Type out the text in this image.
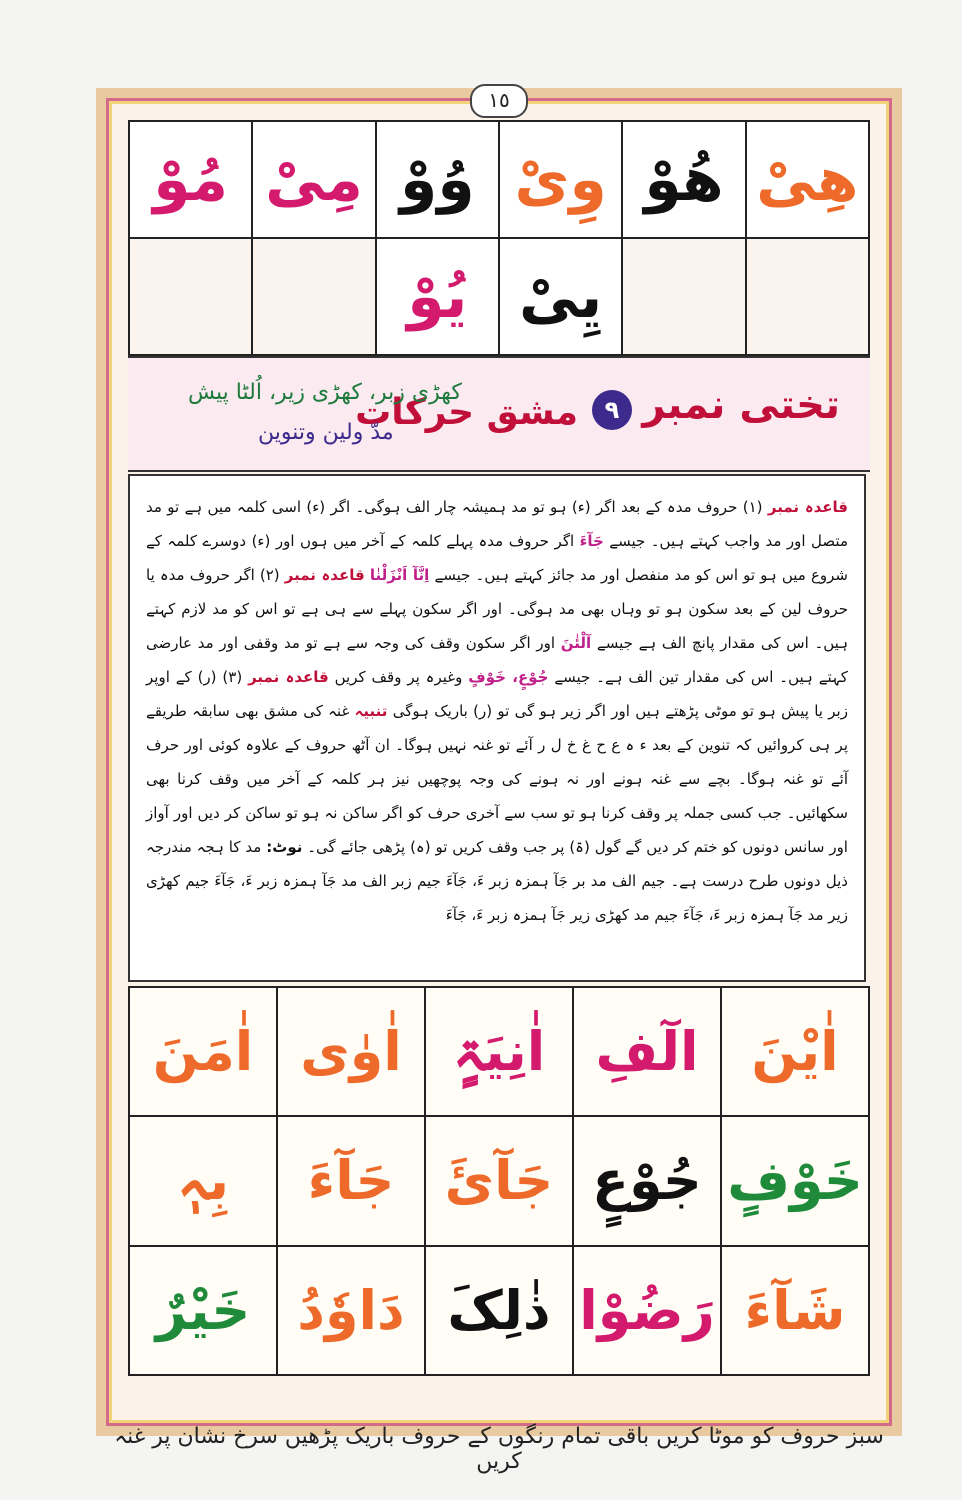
١٥
مُوْ مِیْ وُوْ وِیْ هُوْ هِیْ
یُوْ یِیْ
تختی نمبر
۹
مشق حرکات
کھڑی زبر، کھڑی زیر، اُلٹا پیش
مدّ ولین وتنوین
قاعدہ نمبر (۱) حروف مدہ کے بعد اگر (ء) ہو تو مد ہمیشہ چار الف ہوگی۔ اگر (ء) اسی کلمہ میں ہے تو مد متصل اور مد واجب کہتے ہیں۔ جیسے جَآءَ اگر حروف مدہ پہلے کلمہ کے آخر میں ہوں اور (ء) دوسرے کلمہ کے شروع میں ہو تو اس کو مد منفصل اور مد جائز کہتے ہیں۔ جیسے اِنَّآ اَنْزَلْنٰا قاعدہ نمبر (۲) اگر حروف مدہ یا حروف لین کے بعد سکون ہو تو وہاں بھی مد ہوگی۔ اور اگر سکون پہلے سے ہی ہے تو اس کو مد لازم کہتے ہیں۔ اس کی مقدار پانچ الف ہے جیسے آلْئٰنَ اور اگر سکون وقف کی وجہ سے ہے تو مد وقفی اور مد عارضی کہتے ہیں۔ اس کی مقدار تین الف ہے۔ جیسے جُوْعٍ، خَوْفٍ وغیرہ پر وقف کریں قاعدہ نمبر (۳) (ر) کے اوپر زبر یا پیش ہو تو موٹی پڑھتے ہیں اور اگر زیر ہو گی تو (ر) باریک ہوگی تنبیہ غنہ کی مشق بھی سابقہ طریقے پر ہی کروائیں کہ تنوین کے بعد ء ہ ع ح غ خ ل ر آئے تو غنہ نہیں ہوگا۔ ان آٹھ حروف کے علاوہ کوئی اور حرف آئے تو غنہ ہوگا۔ بچے سے غنہ ہونے اور نہ ہونے کی وجہ پوچھیں نیز ہر کلمہ کے آخر میں وقف کرنا بھی سکھائیں۔ جب کسی جملہ پر وقف کرنا ہو تو سب سے آخری حرف کو اگر ساکن نہ ہو تو ساکن کر دیں اور آواز اور سانس دونوں کو ختم کر دیں گے گول (ۃ) پر جب وقف کریں تو (ہ) پڑھی جائے گی۔ نوٹ: مد کا ہجہ مندرجہ ذیل دونوں طرح درست ہے۔ جیم الف مد بر جَآ ہمزہ زبر ءَ، جَآءَ جیم زبر الف مد جَآ ہمزہ زبر ءَ، جَآءَ جیم کھڑی زیر مد جَآ ہمزہ زبر ءَ، جَآءَ جیم مد کھڑی زیر جَآ ہمزہ زبر ءَ، جَآءَ
اٰمَنَ اٰوٰی اٰنِیَۃٍ الٓفِ اٰیْنَ
بِہٖ	جَآءَ جَآئَ جُوْعٍ خَوْفٍ
خَیْرٌ دَاوٗدُ ذٰلِکَ رَضُوْا شَآءَ
سبز حروف کو موٹا کریں باقی تمام رنگوں کے حروف باریک پڑھیں سرخ نشان پر غنہ کریں
